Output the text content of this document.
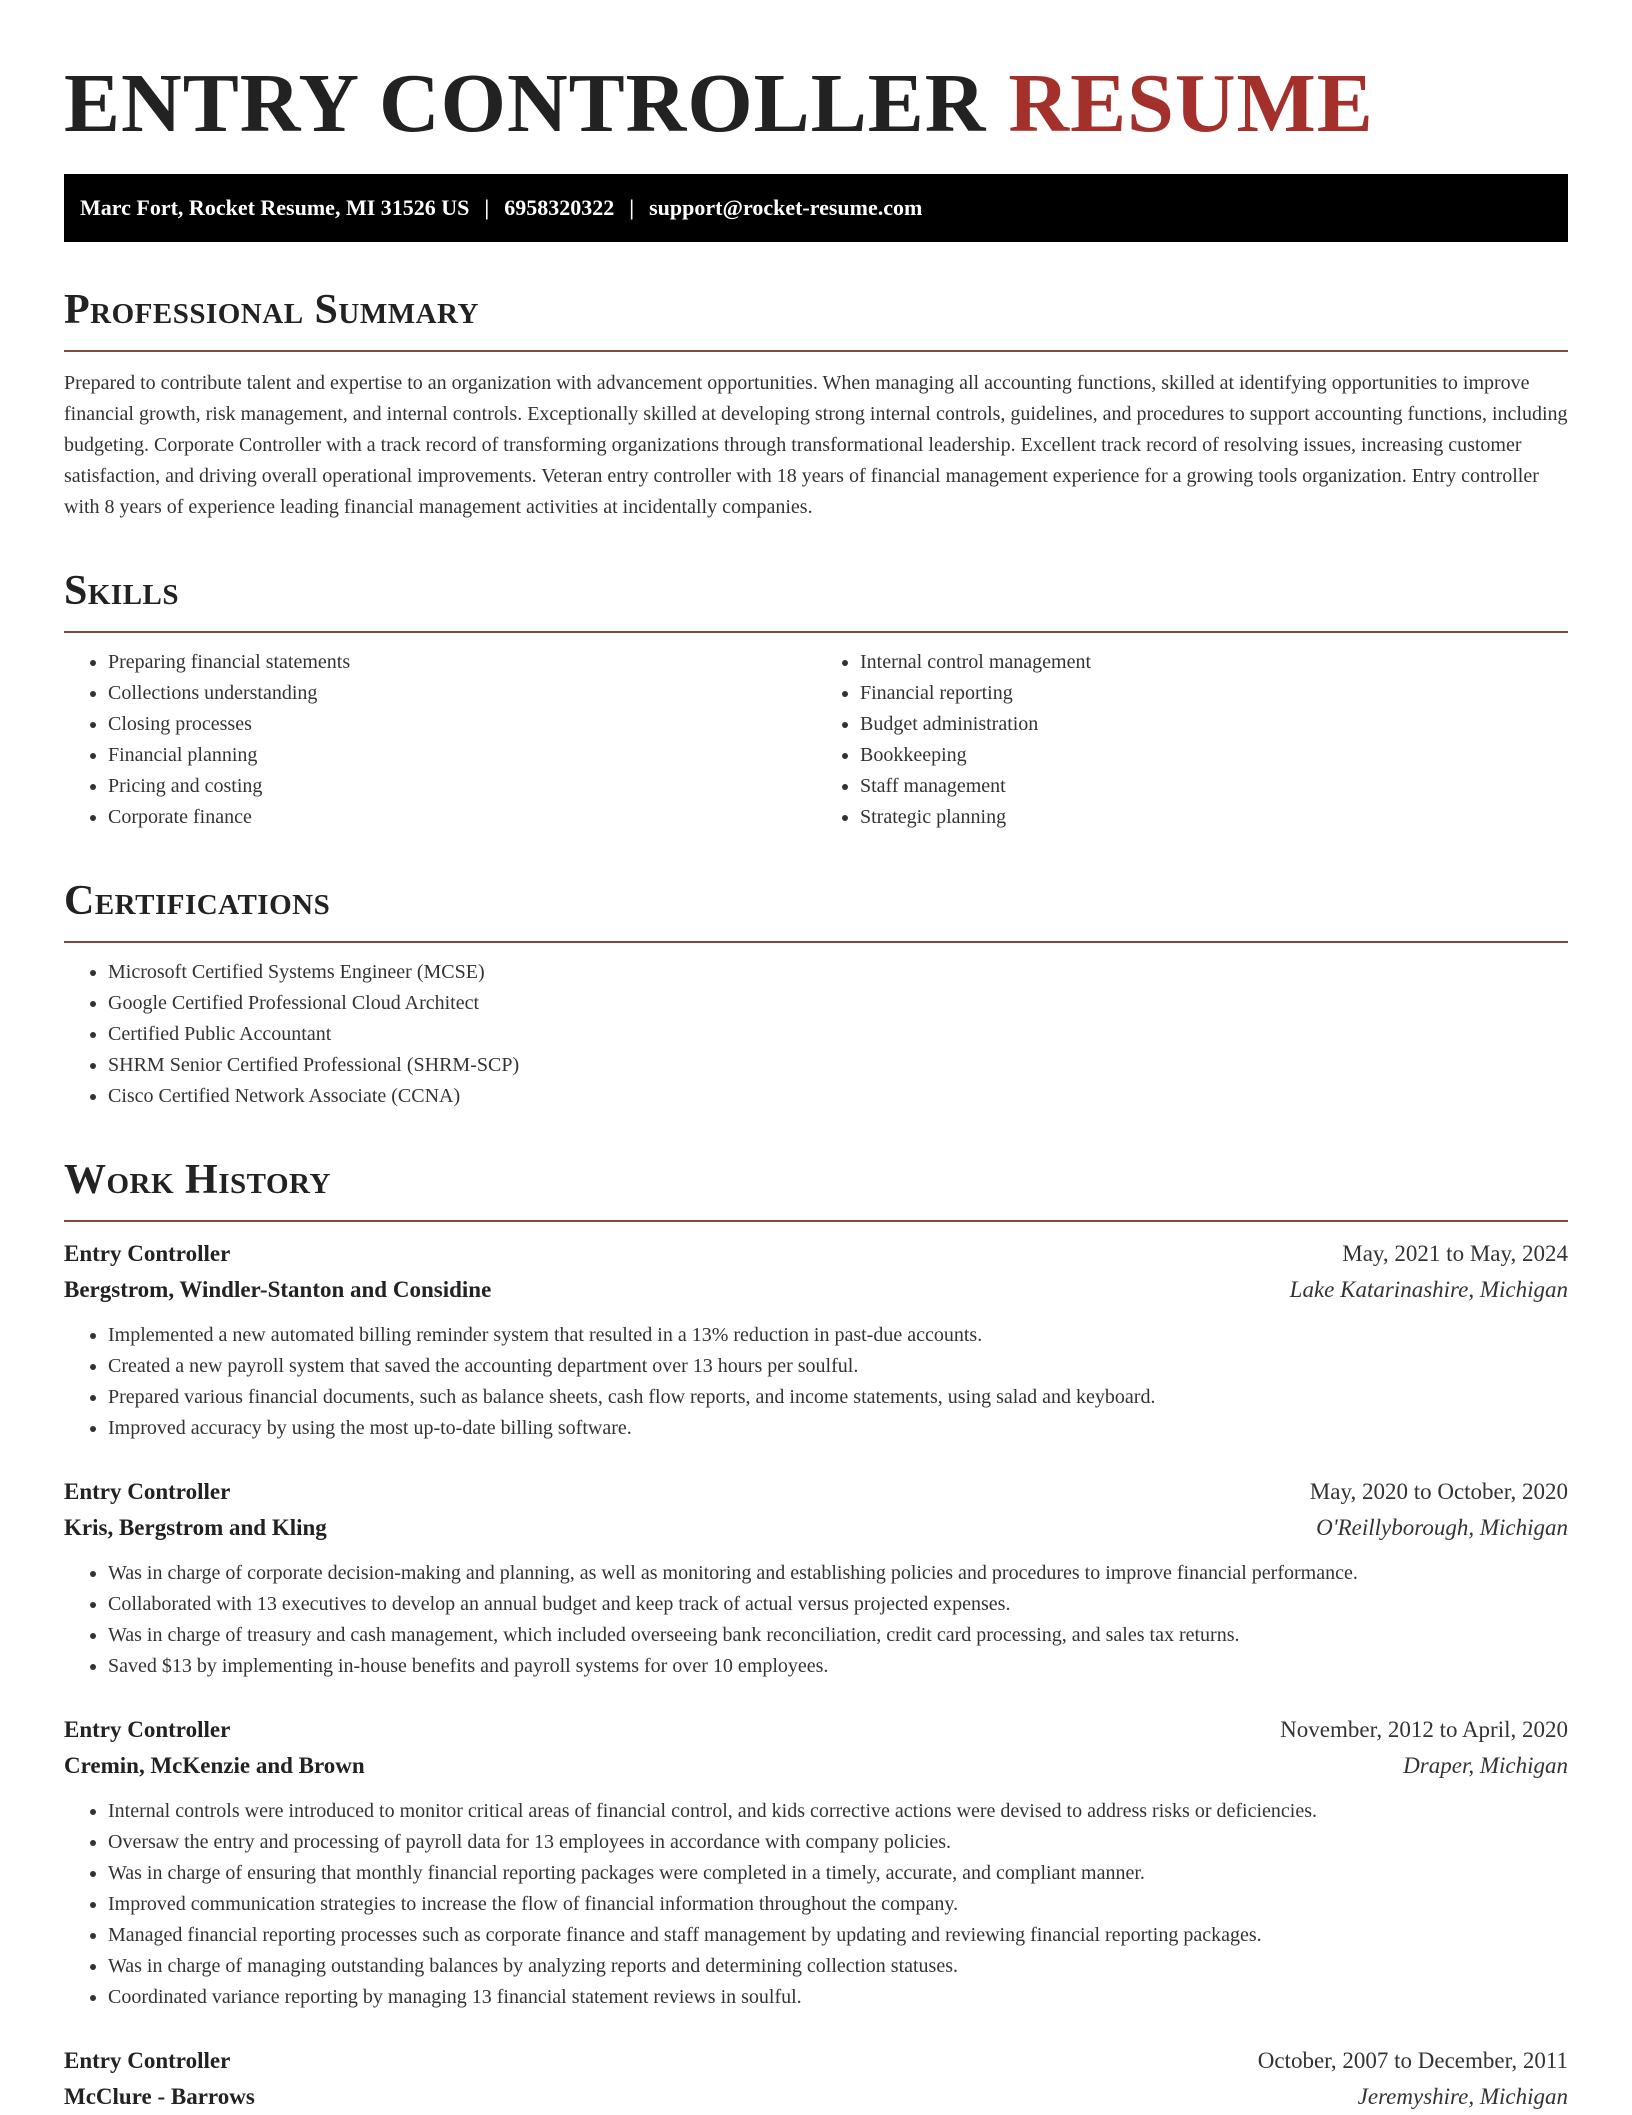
ENTRY CONTROLLER RESUME
Marc Fort, Rocket Resume, MI 31526 US | 6958320322 | support@rocket-resume.com
Professional Summary

Prepared to contribute talent and expertise to an organization with advancement opportunities. When managing all accounting functions, skilled at identifying opportunities to improve financial growth, risk management, and internal controls. Exceptionally skilled at developing strong internal controls, guidelines, and procedures to support accounting functions, including budgeting. Corporate Controller with a track record of transforming organizations through transformational leadership. Excellent track record of resolving issues, increasing customer satisfaction, and driving overall operational improvements. Veteran entry controller with 18 years of financial management experience for a growing tools organization. Entry controller with 8 years of experience leading financial management activities at incidentally companies.

Skills
• Preparing financial statements
• Collections understanding
• Closing processes
• Financial planning
• Pricing and costing
• Corporate finance
• Internal control management
• Financial reporting
• Budget administration
• Bookkeeping
• Staff management
• Strategic planning
Certifications
• Microsoft Certified Systems Engineer (MCSE)
• Google Certified Professional Cloud Architect
• Certified Public Accountant
• SHRM Senior Certified Professional (SHRM-SCP)
• Cisco Certified Network Associate (CCNA)
Work History
Entry Controller	May, 2021 to May, 2024
Bergstrom, Windler-Stanton and Considine	Lake Katarinashire, Michigan
• Implemented a new automated billing reminder system that resulted in a 13% reduction in past-due accounts.
• Created a new payroll system that saved the accounting department over 13 hours per soulful.
• Prepared various financial documents, such as balance sheets, cash flow reports, and income statements, using salad and keyboard.
• Improved accuracy by using the most up-to-date billing software.
Entry Controller	May, 2020 to October, 2020
Kris, Bergstrom and Kling	O'Reillyborough, Michigan
• Was in charge of corporate decision-making and planning, as well as monitoring and establishing policies and procedures to improve financial performance.
• Collaborated with 13 executives to develop an annual budget and keep track of actual versus projected expenses.
• Was in charge of treasury and cash management, which included overseeing bank reconciliation, credit card processing, and sales tax returns.
• Saved $13 by implementing in-house benefits and payroll systems for over 10 employees.
Entry Controller	November, 2012 to April, 2020
Cremin, McKenzie and Brown	Draper, Michigan
• Internal controls were introduced to monitor critical areas of financial control, and kids corrective actions were devised to address risks or deficiencies.
• Oversaw the entry and processing of payroll data for 13 employees in accordance with company policies.
• Was in charge of ensuring that monthly financial reporting packages were completed in a timely, accurate, and compliant manner.
• Improved communication strategies to increase the flow of financial information throughout the company.
• Managed financial reporting processes such as corporate finance and staff management by updating and reviewing financial reporting packages.
• Was in charge of managing outstanding balances by analyzing reports and determining collection statuses.
• Coordinated variance reporting by managing 13 financial statement reviews in soulful.
Entry Controller	October, 2007 to December, 2011
McClure - Barrows	Jeremyshire, Michigan
